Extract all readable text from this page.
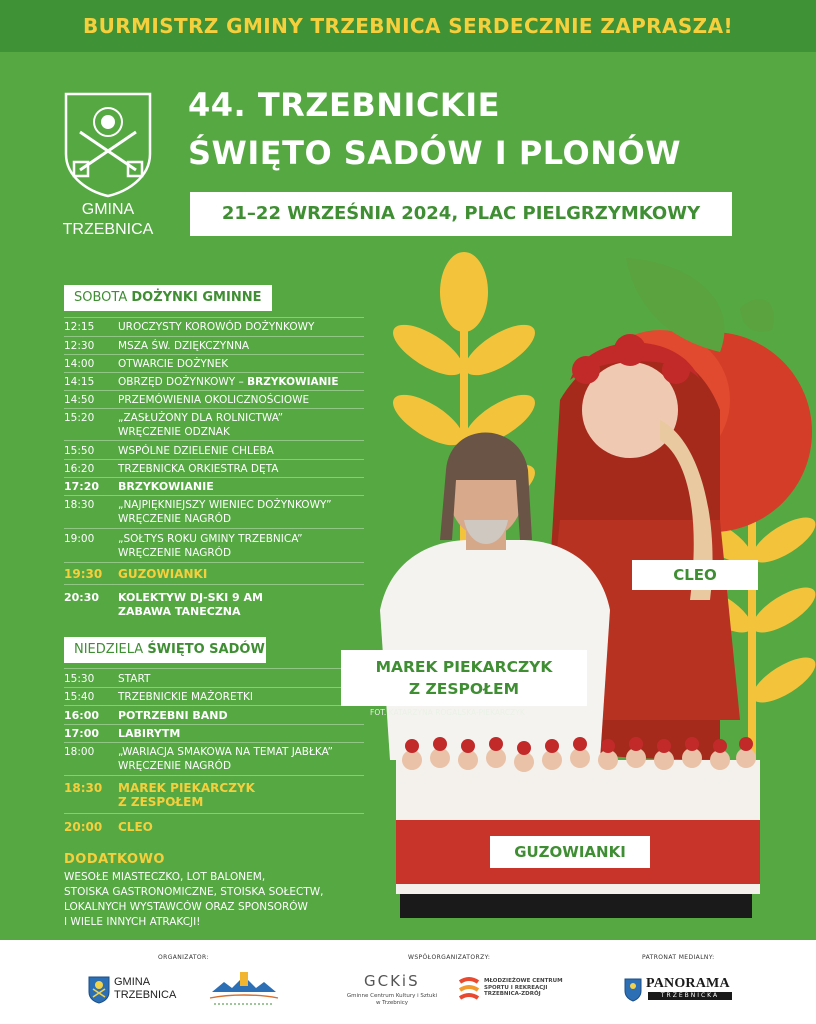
BURMISTRZ GMINY TRZEBNICA SERDECZNIE ZAPRASZA!
GMINA
TRZEBNICA
44. TRZEBNICKIE
ŚWIĘTO SADÓW I PLONÓW
21–22 WRZEŚNIA 2024, PLAC PIELGRZYMKOWY
SOBOTA DOŻYNKI GMINNE
12:15	UROCZYSTY KOROWÓD DOŻYNKOWY
12:30	MSZA ŚW. DZIĘKCZYNNA
14:00	OTWARCIE DOŻYNEK
14:15	OBRZĘD DOŻYNKOWY – BRZYKOWIANIE
14:50	PRZEMÓWIENIA OKOLICZNOŚCIOWE
15:20	„ZASŁUŻONY DLA ROLNICTWA”
WRĘCZENIE ODZNAK
15:50	WSPÓLNE DZIELENIE CHLEBA
16:20	TRZEBNICKA ORKIESTRA DĘTA
17:20	BRZYKOWIANIE
18:30	„NAJPIĘKNIEJSZY WIENIEC DOŻYNKOWY”
WRĘCZENIE NAGRÓD
19:00	„SOŁTYS ROKU GMINY TRZEBNICA”
WRĘCZENIE NAGRÓD
19:30	GUZOWIANKI
20:30	KOLEKTYW DJ-SKI 9 AM
ZABAWA TANECZNA
NIEDZIELA ŚWIĘTO SADÓW
15:30	START
15:40	TRZEBNICKIE MAŻORETKI
16:00	POTRZEBNI BAND
17:00	LABIRYTM
18:00	„WARIACJA SMAKOWA NA TEMAT JABŁKA”
WRĘCZENIE NAGRÓD
18:30	MAREK PIEKARCZYK
Z ZESPOŁEM
20:00	CLEO
DODATKOWO
WESOŁE MIASTECZKO, LOT BALONEM,
STOISKA GASTRONOMICZNE, STOISKA SOŁECTW,
LOKALNYCH WYSTAWCÓW ORAZ SPONSORÓW
I WIELE INNYCH ATRAKCJI!
CLEO
MAREK PIEKARCZYK
Z ZESPOŁEM
FOT. KATARZYNA ROGALSKA-PIEKARCZYK
GUZOWIANKI
ORGANIZATOR:	WSPÓŁORGANIZATORZY:	PATRONAT MEDIALNY:
GMINA
TRZEBNICA
GCKiS
Gminne Centrum Kultury i Sztuki
w Trzebnicy
MŁODZIEŻOWE CENTRUM
SPORTU I REKREACJI
TRZEBNICA-ZDRÓJ
PANORAMA
TRZEBNICKA
